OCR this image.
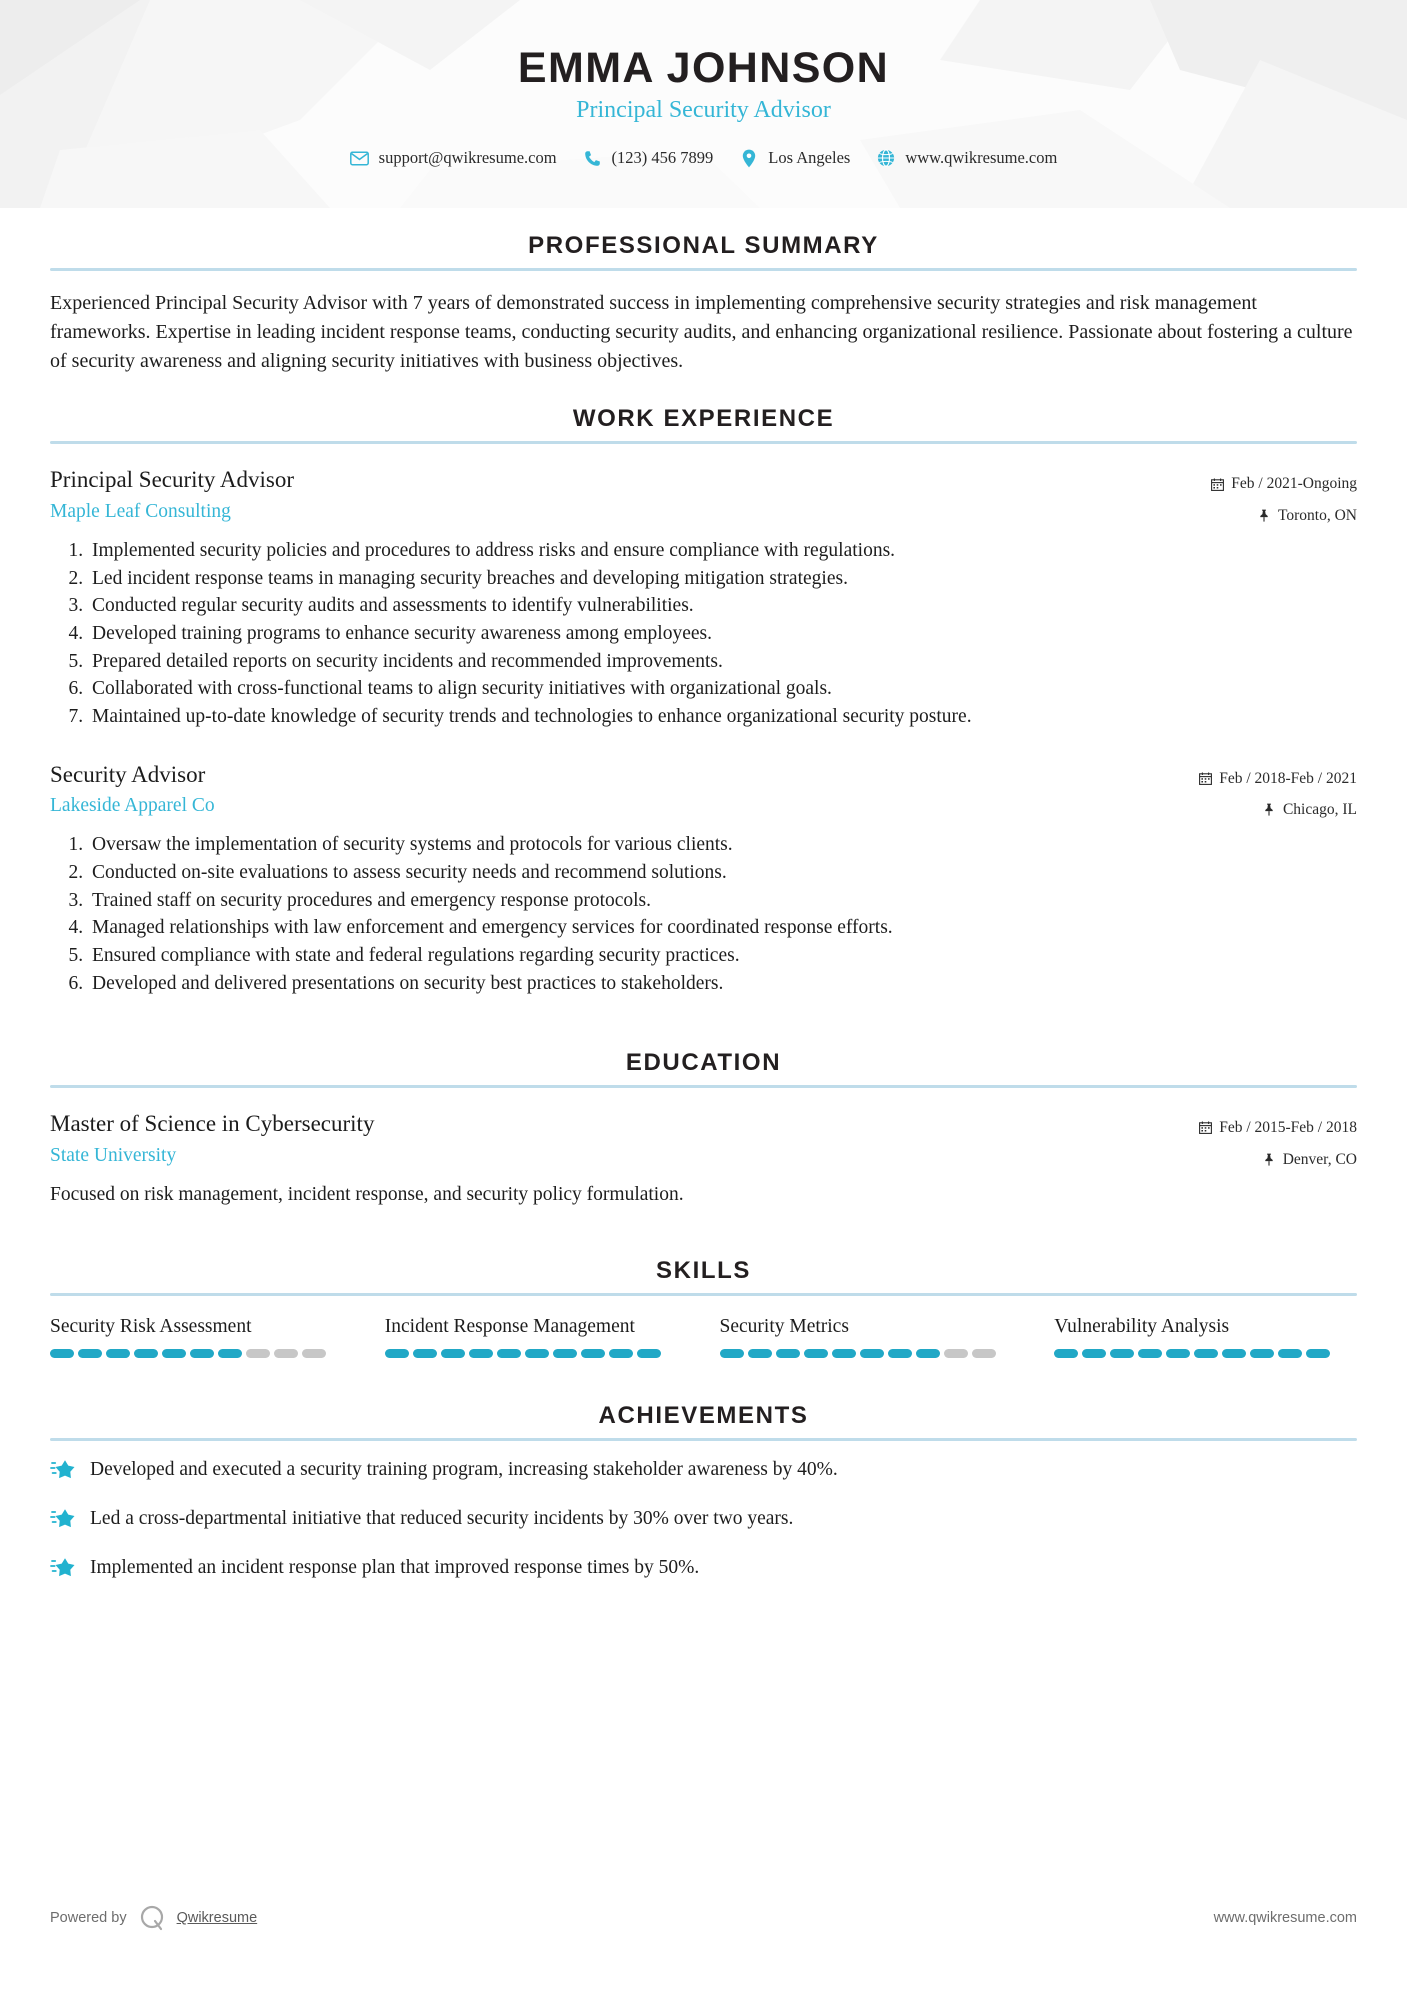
EMMA JOHNSON
Principal Security Advisor
support@qwikresume.com	(123) 456 7899	Los Angeles	www.qwikresume.com
PROFESSIONAL SUMMARY

Experienced Principal Security Advisor with 7 years of demonstrated success in implementing comprehensive security strategies and risk management frameworks. Expertise in leading incident response teams, conducting security audits, and enhancing organizational resilience. Passionate about fostering a culture of security awareness and aligning security initiatives with business objectives.

WORK EXPERIENCE
Principal Security Advisor
Maple Leaf Consulting
Feb / 2021-Ongoing
Toronto, ON
1. Implemented security policies and procedures to address risks and ensure compliance with regulations.
2. Led incident response teams in managing security breaches and developing mitigation strategies.
3. Conducted regular security audits and assessments to identify vulnerabilities.
4. Developed training programs to enhance security awareness among employees.
5. Prepared detailed reports on security incidents and recommended improvements.
6. Collaborated with cross-functional teams to align security initiatives with organizational goals.
7. Maintained up-to-date knowledge of security trends and technologies to enhance organizational security posture.
Security Advisor
Lakeside Apparel Co
Feb / 2018-Feb / 2021
Chicago, IL
1. Oversaw the implementation of security systems and protocols for various clients.
2. Conducted on-site evaluations to assess security needs and recommend solutions.
3. Trained staff on security procedures and emergency response protocols.
4. Managed relationships with law enforcement and emergency services for coordinated response efforts.
5. Ensured compliance with state and federal regulations regarding security practices.
6. Developed and delivered presentations on security best practices to stakeholders.
EDUCATION
Master of Science in Cybersecurity
State University
Feb / 2015-Feb / 2018
Denver, CO

Focused on risk management, incident response, and security policy formulation.

SKILLS
Security Risk Assessment	Incident Response Management	Security Metrics	Vulnerability Analysis
ACHIEVEMENTS
Developed and executed a security training program, increasing stakeholder awareness by 40%.
Led a cross-departmental initiative that reduced security incidents by 30% over two years.
Implemented an incident response plan that improved response times by 50%.
Powered by	Qwikresume	www.qwikresume.com
